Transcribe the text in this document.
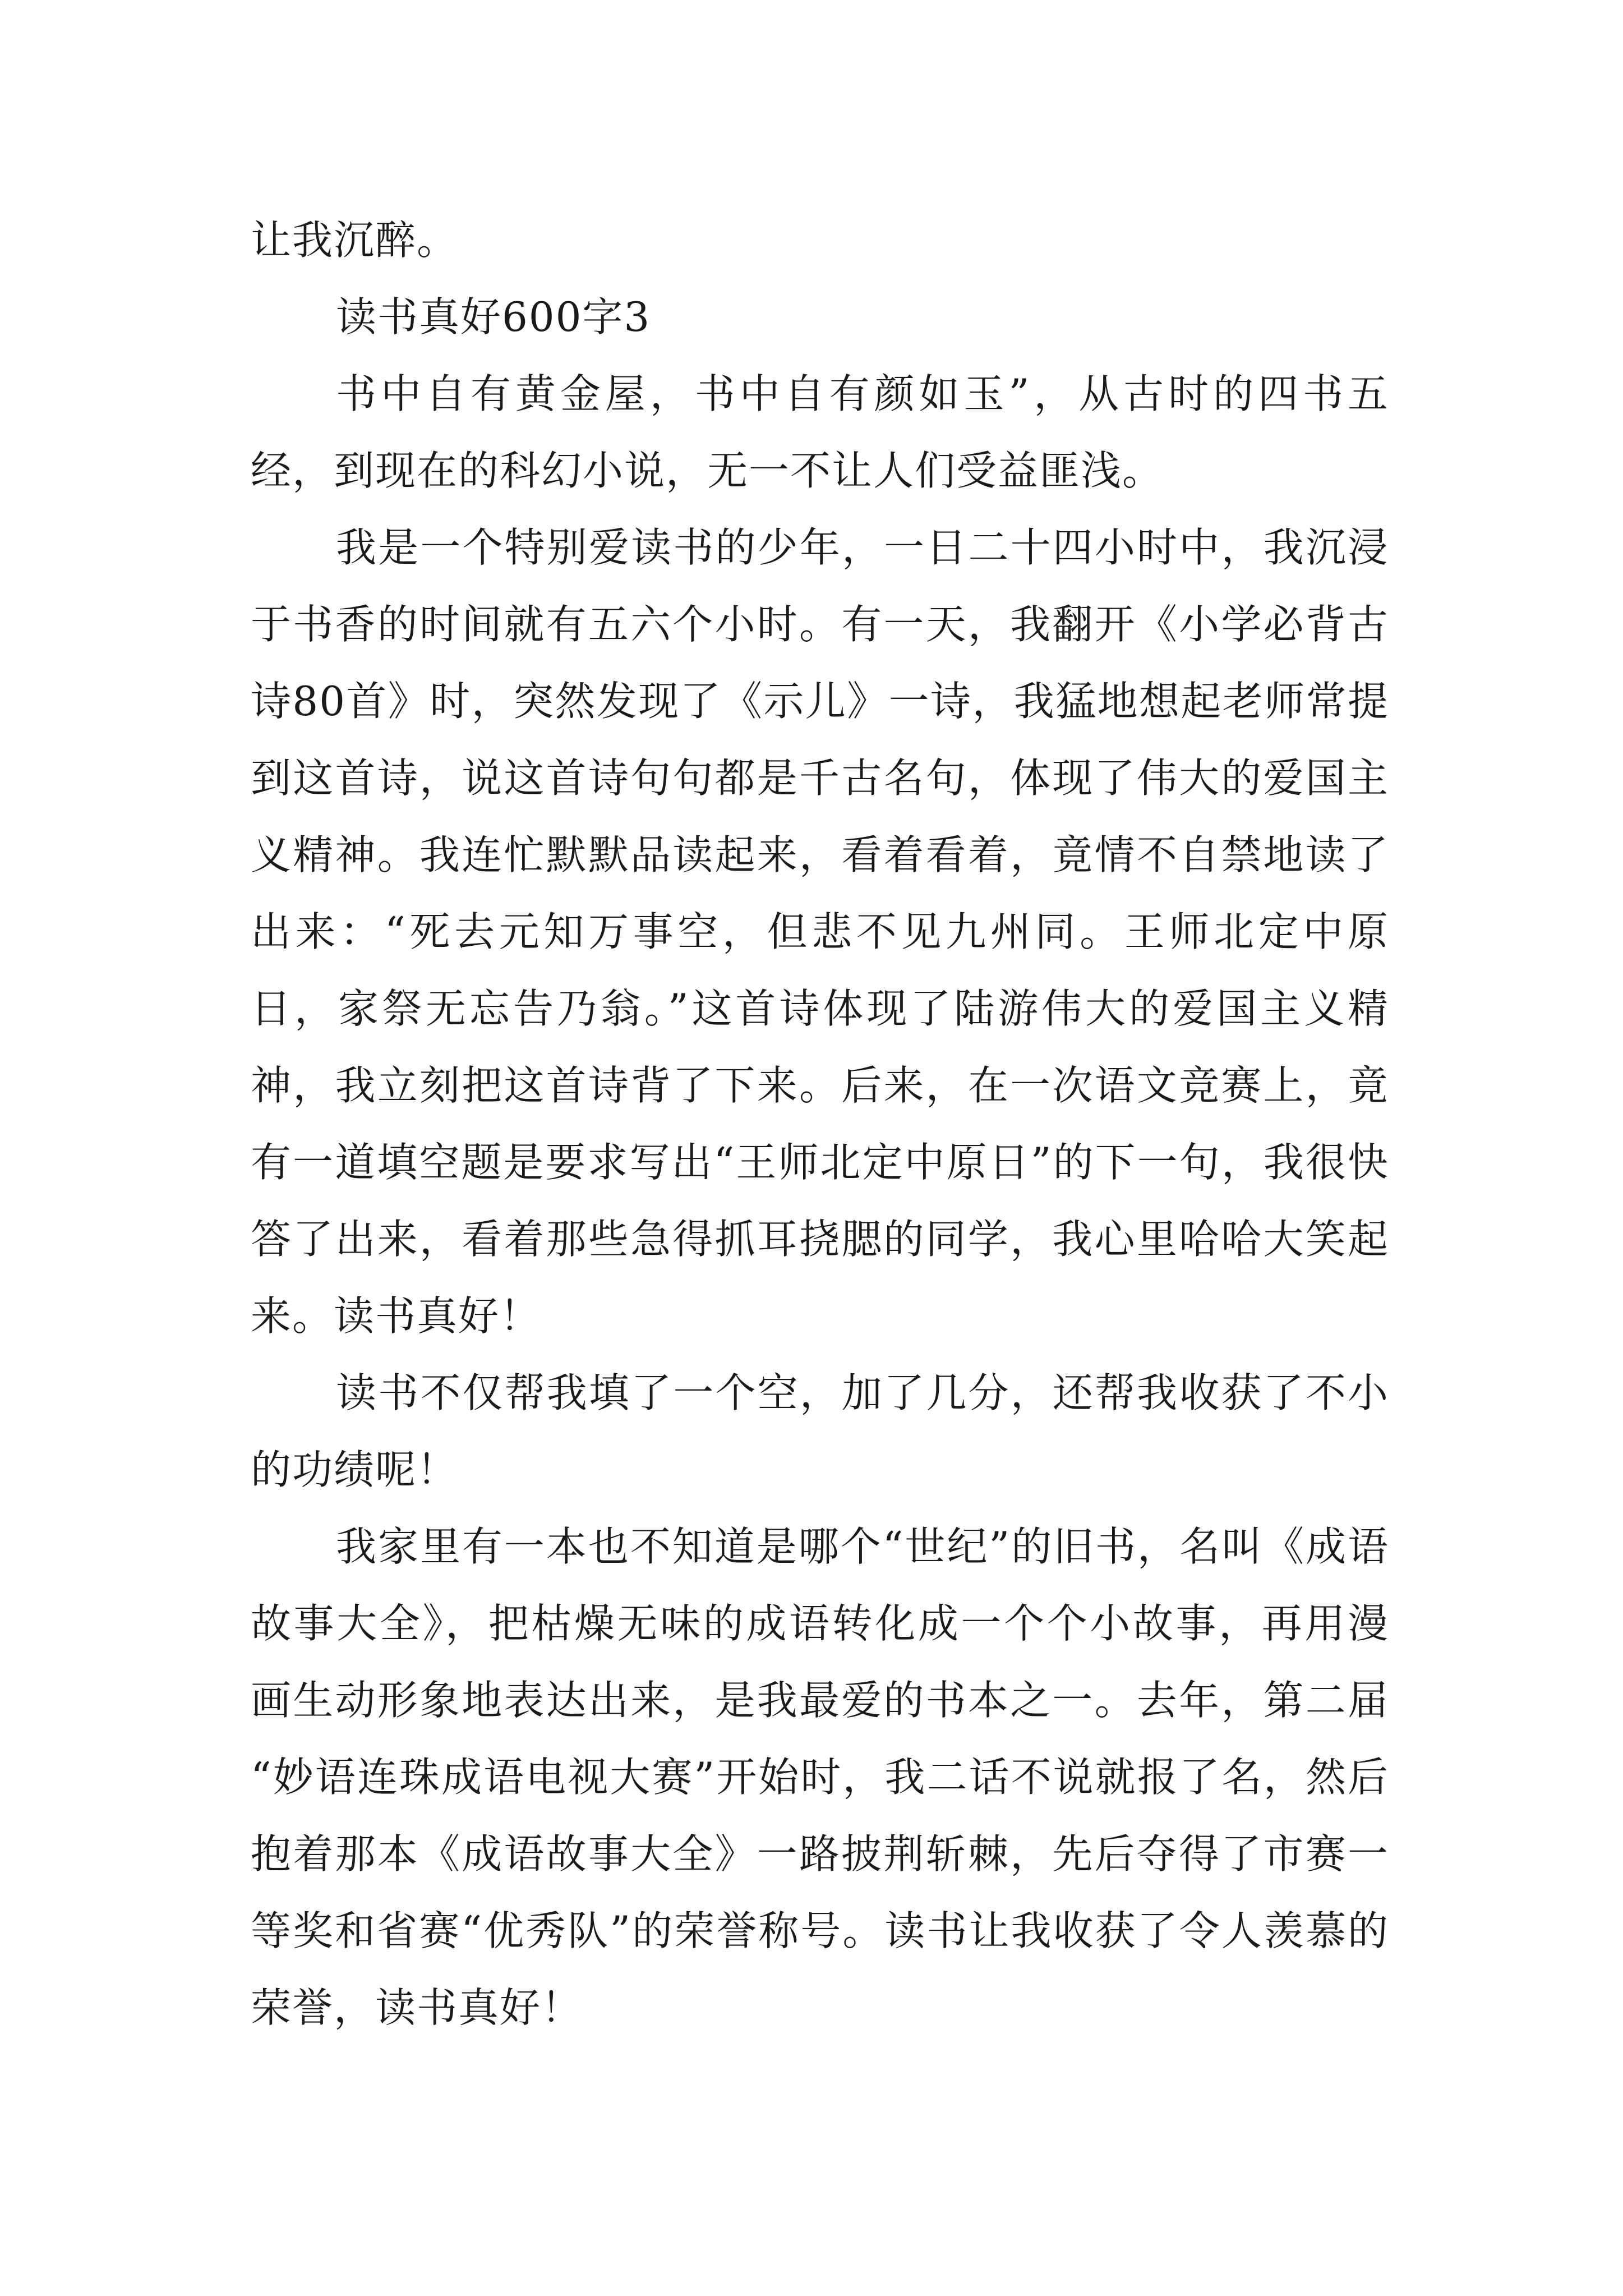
让我沉醉。

读书真好600字3

书中自有黄金屋，书中自有颜如玉”，从古时的四书五经，到现在的科幻小说，无一不让人们受益匪浅。

我是一个特别爱读书的少年，一日二十四小时中，我沉浸于书香的时间就有五六个小时。有一天，我翻开《小学必背古诗80首》时，突然发现了《示儿》一诗，我猛地想起老师常提到这首诗，说这首诗句句都是千古名句，体现了伟大的爱国主义精神。我连忙默默品读起来，看着看着，竟情不自禁地读了出来：“死去元知万事空，但悲不见九州同。王师北定中原日，家祭无忘告乃翁。”这首诗体现了陆游伟大的爱国主义精神，我立刻把这首诗背了下来。后来，在一次语文竞赛上，竟有一道填空题是要求写出“王师北定中原日”的下一句，我很快答了出来，看着那些急得抓耳挠腮的同学，我心里哈哈大笑起来。读书真好！

读书不仅帮我填了一个空，加了几分，还帮我收获了不小的功绩呢！

我家里有一本也不知道是哪个“世纪”的旧书，名叫《成语故事大全》，把枯燥无味的成语转化成一个个小故事，再用漫画生动形象地表达出来，是我最爱的书本之一。去年，第二届“妙语连珠成语电视大赛”开始时，我二话不说就报了名，然后抱着那本《成语故事大全》一路披荆斩棘，先后夺得了市赛一等奖和省赛“优秀队”的荣誉称号。读书让我收获了令人羡慕的荣誉，读书真好！
